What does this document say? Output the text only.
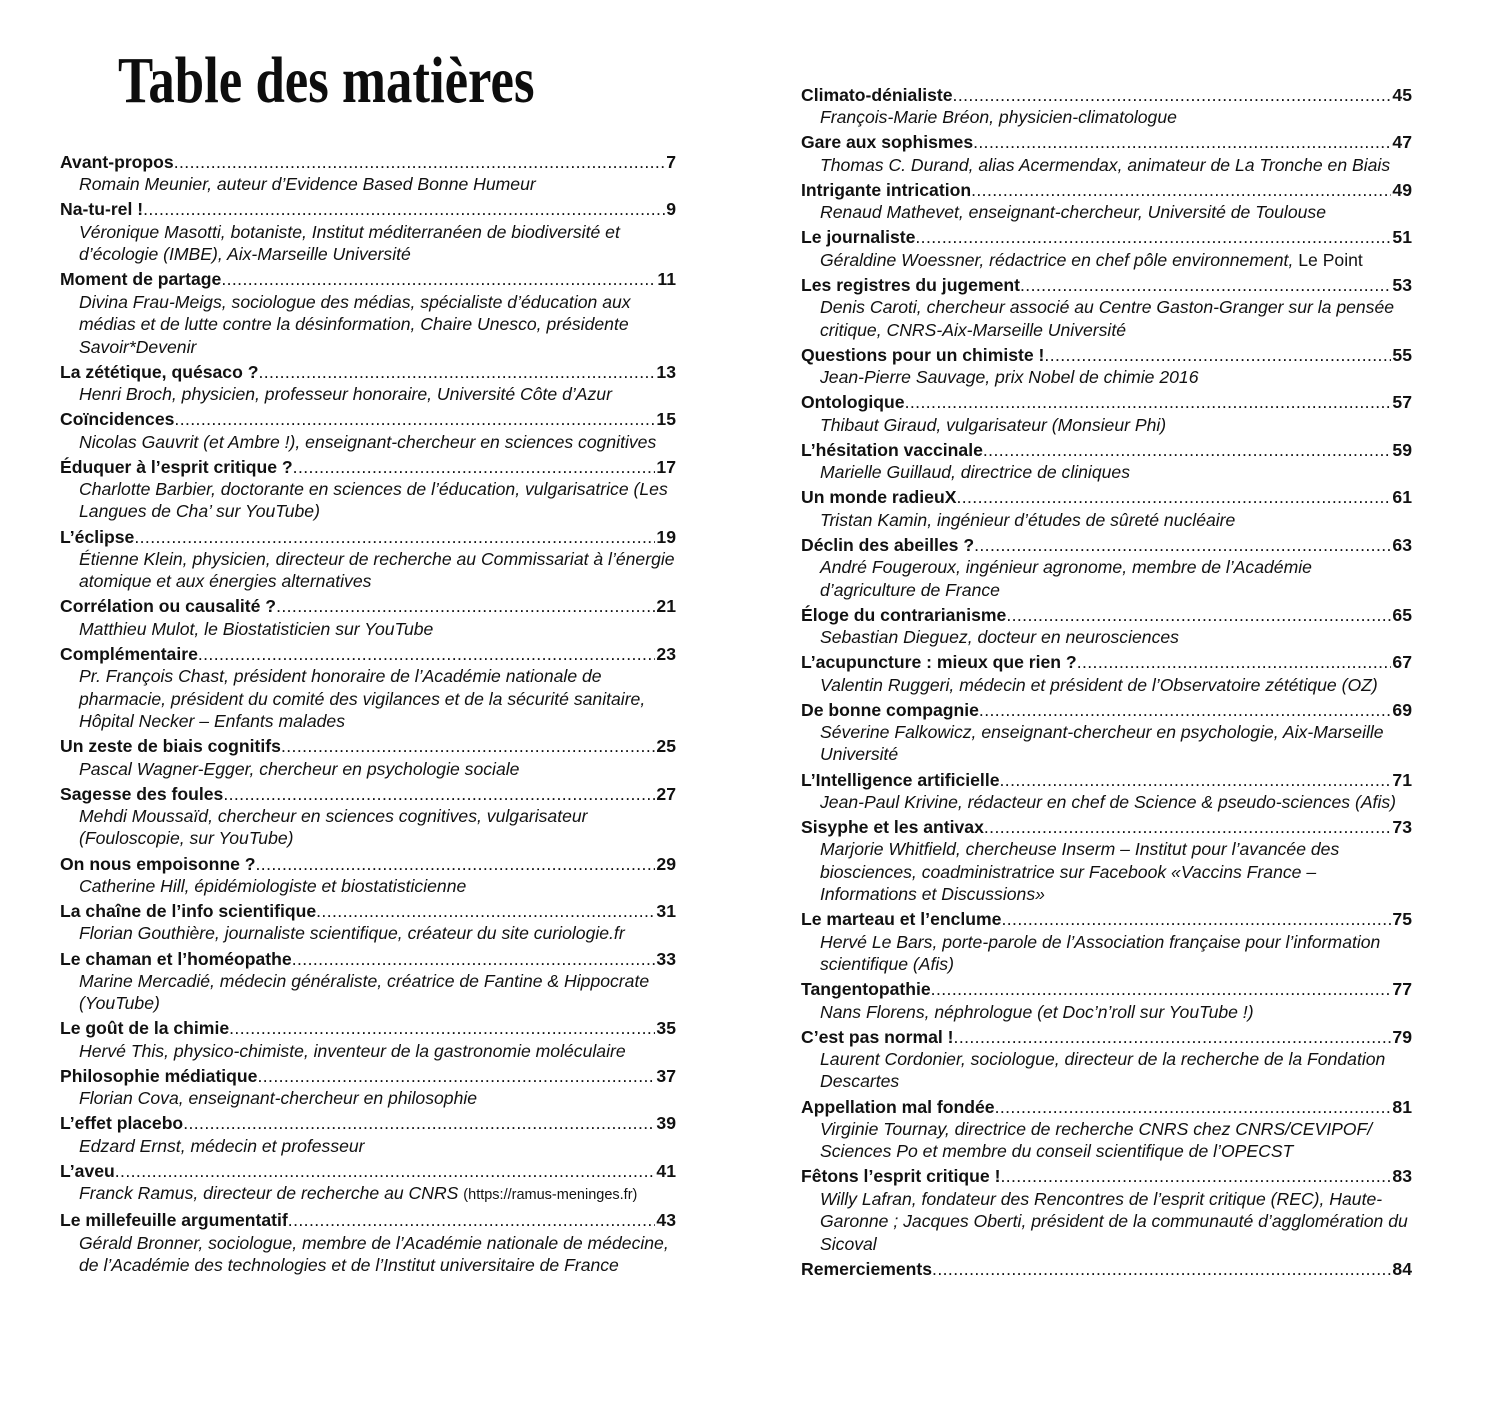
Table des matières
Avant-propos .....	7
Romain Meunier, auteur d’Evidence Based Bonne Humeur
Na-tu-rel ! .....	9
Véronique Masotti, botaniste, Institut méditerranéen de biodiversité et d’écologie (IMBE), Aix-Marseille Université
Moment de partage .....	11
Divina Frau-Meigs, sociologue des médias, spécialiste d’éducation aux médias et de lutte contre la désinformation, Chaire Unesco, présidente Savoir*Devenir
La zététique, quésaco ? .....	13
Henri Broch, physicien, professeur honoraire, Université Côte d’Azur
Coïncidences .....	15
Nicolas Gauvrit (et Ambre !), enseignant-chercheur en sciences cognitives
Éduquer à l’esprit critique ? .....	17
Charlotte Barbier, doctorante en sciences de l’éducation, vulgarisatrice (Les Langues de Cha’ sur YouTube)
L’éclipse .....	19
Étienne Klein, physicien, directeur de recherche au Commissariat à l’énergie atomique et aux énergies alternatives
Corrélation ou causalité ? .....	21
Matthieu Mulot, le Biostatisticien sur YouTube
Complémentaire .....	23
Pr. François Chast, président honoraire de l’Académie nationale de pharmacie, président du comité des vigilances et de la sécurité sanitaire, Hôpital Necker – Enfants malades
Un zeste de biais cognitifs .....	25
Pascal Wagner-Egger, chercheur en psychologie sociale
Sagesse des foules .....	27
Mehdi Moussaïd, chercheur en sciences cognitives, vulgarisateur (Fouloscopie, sur YouTube)
On nous empoisonne ? .....	29
Catherine Hill, épidémiologiste et biostatisticienne
La chaîne de l’info scientifique .....	31
Florian Gouthière, journaliste scientifique, créateur du site curiologie.fr
Le chaman et l’homéopathe .....	33
Marine Mercadié, médecin généraliste, créatrice de Fantine & Hippocrate (YouTube)
Le goût de la chimie .....	35
Hervé This, physico-chimiste, inventeur de la gastronomie moléculaire
Philosophie médiatique .....	37
Florian Cova, enseignant-chercheur en philosophie
L’effet placebo .....	39
Edzard Ernst, médecin et professeur
L’aveu .....	41
Franck Ramus, directeur de recherche au CNRS (https://ramus-meninges.fr)
Le millefeuille argumentatif .....	43
Gérald Bronner, sociologue, membre de l’Académie nationale de médecine, de l’Académie des technologies et de l’Institut universitaire de France
Climato-dénialiste .....	45
François-Marie Bréon, physicien-climatologue
Gare aux sophismes .....	47
Thomas C. Durand, alias Acermendax, animateur de La Tronche en Biais
Intrigante intrication .....	49
Renaud Mathevet, enseignant-chercheur, Université de Toulouse
Le journaliste .....	51
Géraldine Woessner, rédactrice en chef pôle environnement, Le Point
Les registres du jugement .....	53
Denis Caroti, chercheur associé au Centre Gaston-Granger sur la pensée critique, CNRS-Aix-Marseille Université
Questions pour un chimiste ! .....	55
Jean-Pierre Sauvage, prix Nobel de chimie 2016
Ontologique .....	57
Thibaut Giraud, vulgarisateur (Monsieur Phi)
L’hésitation vaccinale .....	59
Marielle Guillaud, directrice de cliniques
Un monde radieuX .....	61
Tristan Kamin, ingénieur d’études de sûreté nucléaire
Déclin des abeilles ? .....	63
André Fougeroux, ingénieur agronome, membre de l’Académie d’agriculture de France
Éloge du contrarianisme .....	65
Sebastian Dieguez, docteur en neurosciences
L’acupuncture : mieux que rien ? .....	67
Valentin Ruggeri, médecin et président de l’Observatoire zététique (OZ)
De bonne compagnie .....	69
Séverine Falkowicz, enseignant-chercheur en psychologie, Aix-Marseille Université
L’Intelligence artificielle .....	71
Jean-Paul Krivine, rédacteur en chef de Science & pseudo-sciences (Afis)
Sisyphe et les antivax .....	73
Marjorie Whitfield, chercheuse Inserm – Institut pour l’avancée des biosciences, coadministratrice sur Facebook «Vaccins France – Informations et Discussions»
Le marteau et l’enclume .....	75
Hervé Le Bars, porte-parole de l’Association française pour l’information scientifique (Afis)
Tangentopathie .....	77
Nans Florens, néphrologue (et Doc’n’roll sur YouTube !)
C’est pas normal ! .....	79
Laurent Cordonier, sociologue, directeur de la recherche de la Fondation Descartes
Appellation mal fondée .....	81
Virginie Tournay, directrice de recherche CNRS chez CNRS/CEVIPOF/ Sciences Po et membre du conseil scientifique de l’OPECST
Fêtons l’esprit critique ! .....	83
Willy Lafran, fondateur des Rencontres de l’esprit critique (REC), Haute-Garonne ; Jacques Oberti, président de la communauté d’agglomération du Sicoval
Remerciements .....	84
